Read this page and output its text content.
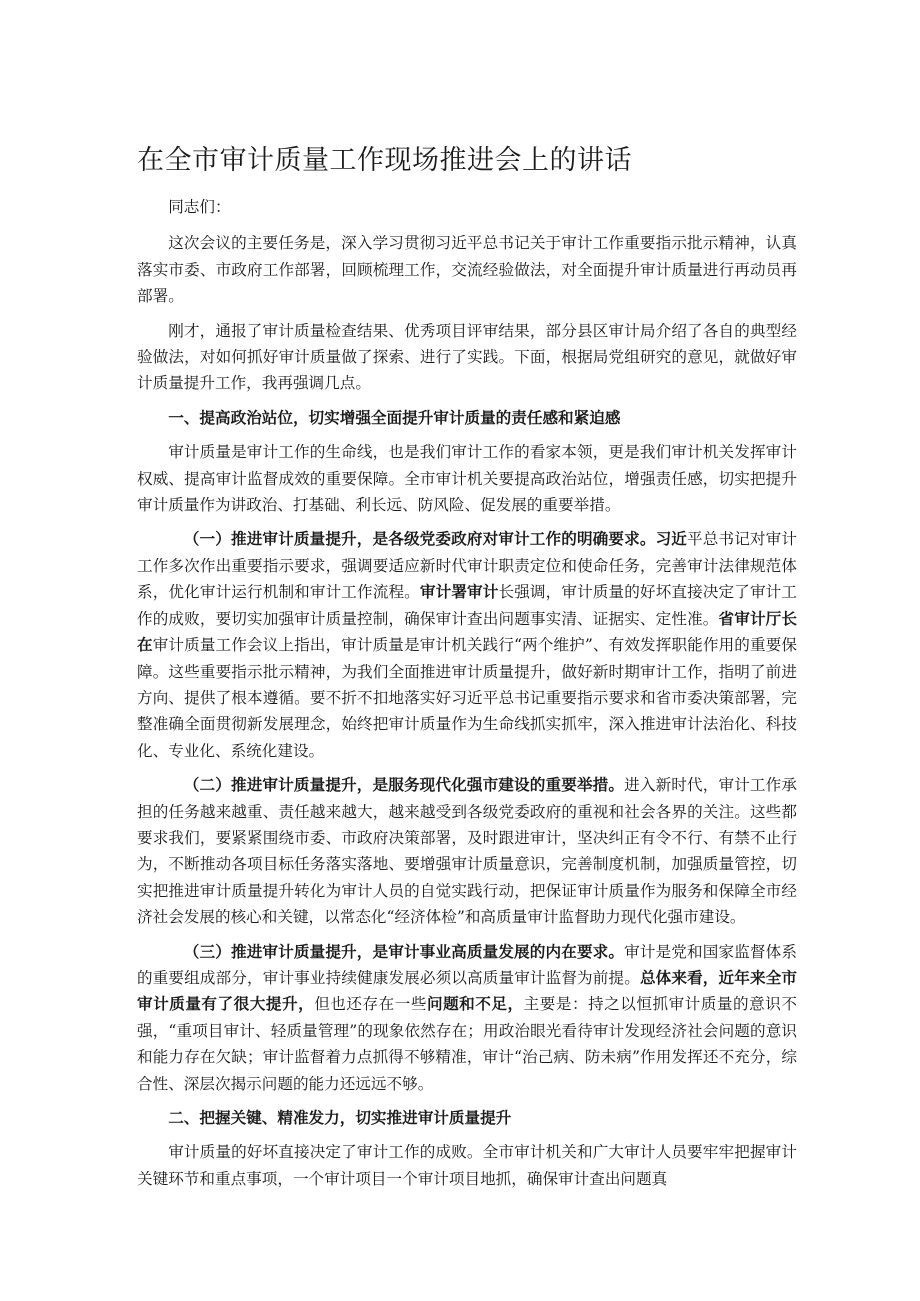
在全市审计质量工作现场推进会上的讲话

同志们：

这次会议的主要任务是，深入学习贯彻习近平总书记关于审计工作重要指示批示精神，认真落实市委、市政府工作部署，回顾梳理工作，交流经验做法，对全面提升审计质量进行再动员再部署。

刚才，通报了审计质量检查结果、优秀项目评审结果，部分县区审计局介绍了各自的典型经验做法，对如何抓好审计质量做了探索、进行了实践。下面，根据局党组研究的意见，就做好审计质量提升工作，我再强调几点。

一、提高政治站位，切实增强全面提升审计质量的责任感和紧迫感

审计质量是审计工作的生命线，也是我们审计工作的看家本领，更是我们审计机关发挥审计权威、提高审计监督成效的重要保障。全市审计机关要提高政治站位，增强责任感，切实把提升审计质量作为讲政治、打基础、利长远、防风险、促发展的重要举措。

（一）推进审计质量提升，是各级党委政府对审计工作的明确要求。习近平总书记对审计工作多次作出重要指示要求，强调要适应新时代审计职责定位和使命任务，完善审计法律规范体系，优化审计运行机制和审计工作流程。审计署审计长强调，审计质量的好坏直接决定了审计工作的成败，要切实加强审计质量控制，确保审计查出问题事实清、证据实、定性准。省审计厅长在审计质量工作会议上指出，审计质量是审计机关践行“两个维护”、有效发挥职能作用的重要保障。这些重要指示批示精神，为我们全面推进审计质量提升，做好新时期审计工作，指明了前进方向、提供了根本遵循。要不折不扣地落实好习近平总书记重要指示要求和省市委决策部署，完整准确全面贯彻新发展理念，始终把审计质量作为生命线抓实抓牢，深入推进审计法治化、科技化、专业化、系统化建设。

（二）推进审计质量提升，是服务现代化强市建设的重要举措。进入新时代，审计工作承担的任务越来越重、责任越来越大，越来越受到各级党委政府的重视和社会各界的关注。这些都要求我们，要紧紧围绕市委、市政府决策部署，及时跟进审计，坚决纠正有令不行、有禁不止行为，不断推动各项目标任务落实落地、要增强审计质量意识，完善制度机制，加强质量管控，切实把推进审计质量提升转化为审计人员的自觉实践行动，把保证审计质量作为服务和保障全市经济社会发展的核心和关键，以常态化“经济体检”和高质量审计监督助力现代化强市建设。

（三）推进审计质量提升，是审计事业高质量发展的内在要求。审计是党和国家监督体系的重要组成部分，审计事业持续健康发展必须以高质量审计监督为前提。总体来看，近年来全市审计质量有了很大提升，但也还存在一些问题和不足，主要是：持之以恒抓审计质量的意识不强，“重项目审计、轻质量管理”的现象依然存在；用政治眼光看待审计发现经济社会问题的意识和能力存在欠缺；审计监督着力点抓得不够精准，审计“治己病、防未病”作用发挥还不充分，综合性、深层次揭示问题的能力还远远不够。

二、把握关键、精准发力，切实推进审计质量提升

审计质量的好坏直接决定了审计工作的成败。全市审计机关和广大审计人员要牢牢把握审计关键环节和重点事项，一个审计项目一个审计项目地抓，确保审计查出问题真
